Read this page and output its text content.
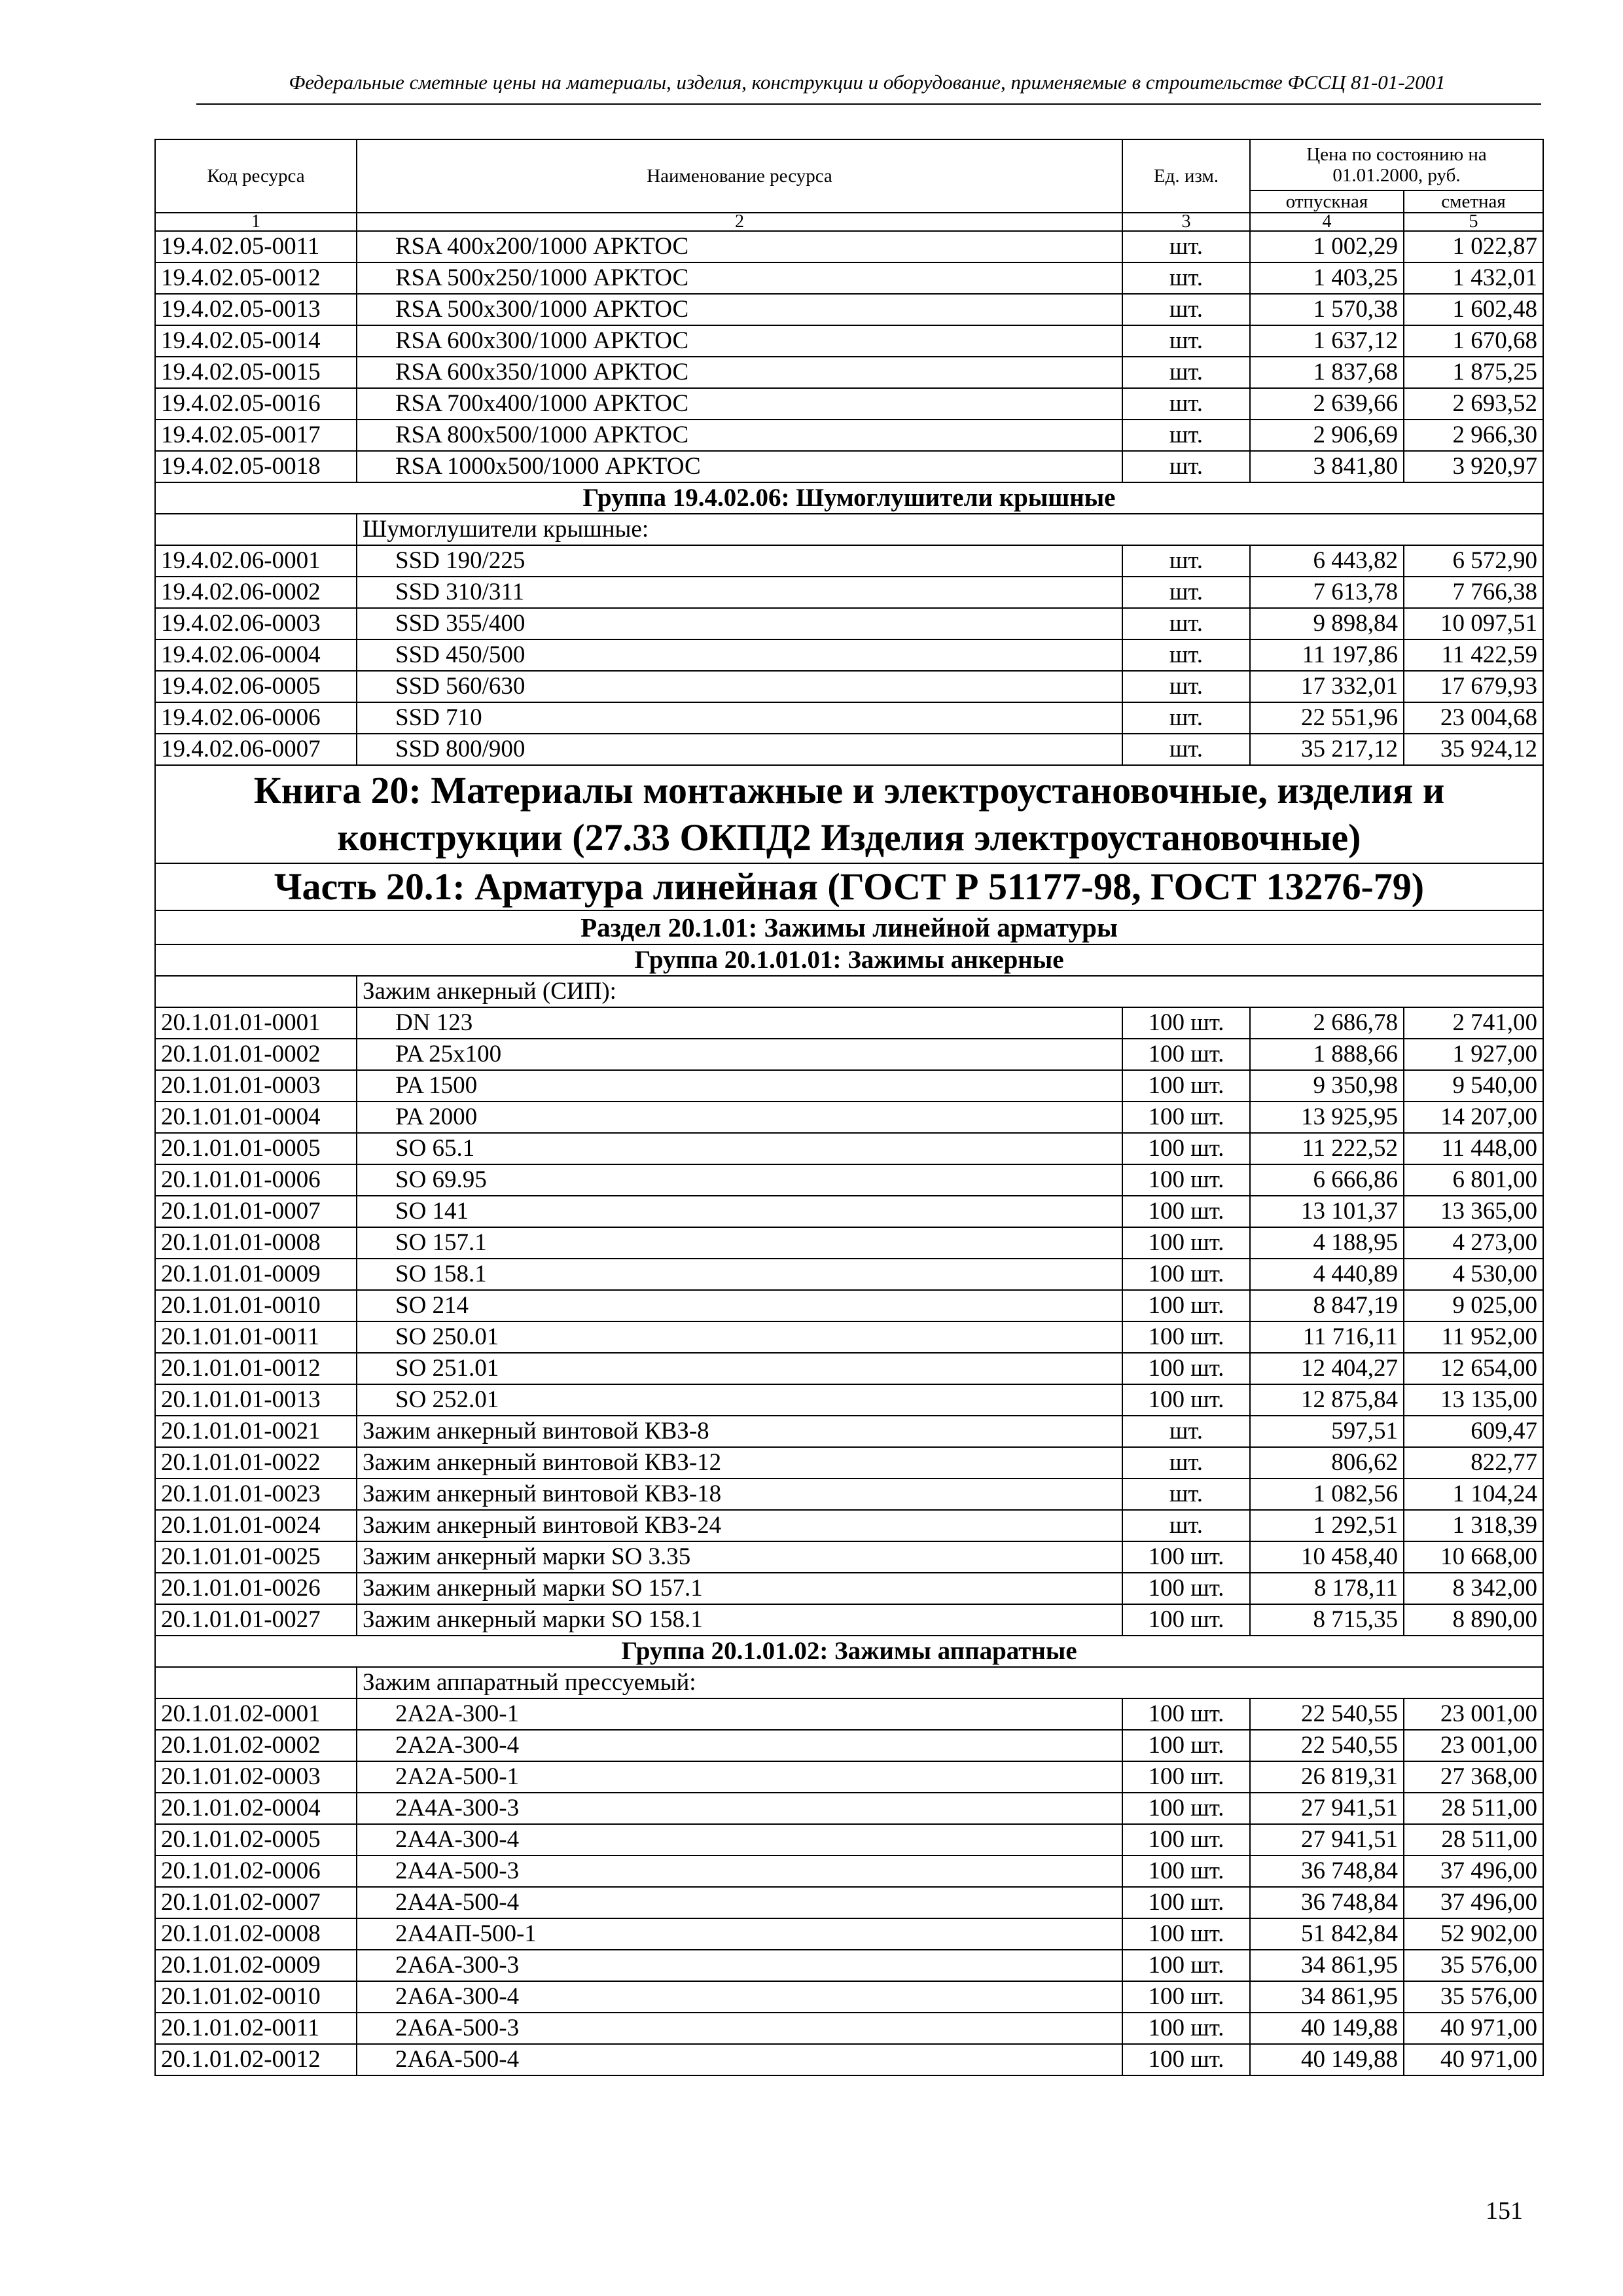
Федеральные сметные цены на материалы, изделия, конструкции и оборудование, применяемые в строительстве ФССЦ 81-01-2001
Код ресурса	Наименование ресурса	Ед. изм.	Цена по состоянию на 01.01.2000, руб.	
			отпускная	сметная
1	2	3	4	5
19.4.02.05-0011	RSA 400x200/1000 АРКТОС	шт.	1 002,29	1 022,87
19.4.02.05-0012	RSA 500x250/1000 АРКТОС	шт.	1 403,25	1 432,01
19.4.02.05-0013	RSA 500x300/1000 АРКТОС	шт.	1 570,38	1 602,48
19.4.02.05-0014	RSA 600x300/1000 АРКТОС	шт.	1 637,12	1 670,68
19.4.02.05-0015	RSA 600x350/1000 АРКТОС	шт.	1 837,68	1 875,25
19.4.02.05-0016	RSA 700x400/1000 АРКТОС	шт.	2 639,66	2 693,52
19.4.02.05-0017	RSA 800x500/1000 АРКТОС	шт.	2 906,69	2 966,30
19.4.02.05-0018	RSA 1000x500/1000 АРКТОС	шт.	3 841,80	3 920,97
Группа 19.4.02.06: Шумоглушители крышные				
	Шумоглушители крышные:			
19.4.02.06-0001	SSD 190/225	шт.	6 443,82	6 572,90
19.4.02.06-0002	SSD 310/311	шт.	7 613,78	7 766,38
19.4.02.06-0003	SSD 355/400	шт.	9 898,84	10 097,51
19.4.02.06-0004	SSD 450/500	шт.	11 197,86	11 422,59
19.4.02.06-0005	SSD 560/630	шт.	17 332,01	17 679,93
19.4.02.06-0006	SSD 710	шт.	22 551,96	23 004,68
19.4.02.06-0007	SSD 800/900	шт.	35 217,12	35 924,12
Книга 20: Материалы монтажные и электроустановочные, изделия и конструкции (27.33 ОКПД2 Изделия электроустановочные)				
Часть 20.1: Арматура линейная (ГОСТ Р 51177-98, ГОСТ 13276-79)				
Раздел 20.1.01: Зажимы линейной арматуры				
Группа 20.1.01.01: Зажимы анкерные				
	Зажим анкерный (СИП):			
20.1.01.01-0001	DN 123	100 шт.	2 686,78	2 741,00
20.1.01.01-0002	PA 25x100	100 шт.	1 888,66	1 927,00
20.1.01.01-0003	PA 1500	100 шт.	9 350,98	9 540,00
20.1.01.01-0004	PA 2000	100 шт.	13 925,95	14 207,00
20.1.01.01-0005	SO 65.1	100 шт.	11 222,52	11 448,00
20.1.01.01-0006	SO 69.95	100 шт.	6 666,86	6 801,00
20.1.01.01-0007	SO 141	100 шт.	13 101,37	13 365,00
20.1.01.01-0008	SO 157.1	100 шт.	4 188,95	4 273,00
20.1.01.01-0009	SO 158.1	100 шт.	4 440,89	4 530,00
20.1.01.01-0010	SO 214	100 шт.	8 847,19	9 025,00
20.1.01.01-0011	SO 250.01	100 шт.	11 716,11	11 952,00
20.1.01.01-0012	SO 251.01	100 шт.	12 404,27	12 654,00
20.1.01.01-0013	SO 252.01	100 шт.	12 875,84	13 135,00
20.1.01.01-0021	Зажим анкерный винтовой КВЗ-8	шт.	597,51	609,47
20.1.01.01-0022	Зажим анкерный винтовой КВЗ-12	шт.	806,62	822,77
20.1.01.01-0023	Зажим анкерный винтовой КВЗ-18	шт.	1 082,56	1 104,24
20.1.01.01-0024	Зажим анкерный винтовой КВЗ-24	шт.	1 292,51	1 318,39
20.1.01.01-0025	Зажим анкерный марки SO 3.35	100 шт.	10 458,40	10 668,00
20.1.01.01-0026	Зажим анкерный марки SO 157.1	100 шт.	8 178,11	8 342,00
20.1.01.01-0027	Зажим анкерный марки SO 158.1	100 шт.	8 715,35	8 890,00
Группа 20.1.01.02: Зажимы аппаратные				
	Зажим аппаратный прессуемый:			
20.1.01.02-0001	2А2А-300-1	100 шт.	22 540,55	23 001,00
20.1.01.02-0002	2А2А-300-4	100 шт.	22 540,55	23 001,00
20.1.01.02-0003	2А2А-500-1	100 шт.	26 819,31	27 368,00
20.1.01.02-0004	2А4А-300-3	100 шт.	27 941,51	28 511,00
20.1.01.02-0005	2А4А-300-4	100 шт.	27 941,51	28 511,00
20.1.01.02-0006	2А4А-500-3	100 шт.	36 748,84	37 496,00
20.1.01.02-0007	2А4А-500-4	100 шт.	36 748,84	37 496,00
20.1.01.02-0008	2А4АП-500-1	100 шт.	51 842,84	52 902,00
20.1.01.02-0009	2А6А-300-3	100 шт.	34 861,95	35 576,00
20.1.01.02-0010	2А6А-300-4	100 шт.	34 861,95	35 576,00
20.1.01.02-0011	2А6А-500-3	100 шт.	40 149,88	40 971,00
20.1.01.02-0012	2А6А-500-4	100 шт.	40 149,88	40 971,00
151
